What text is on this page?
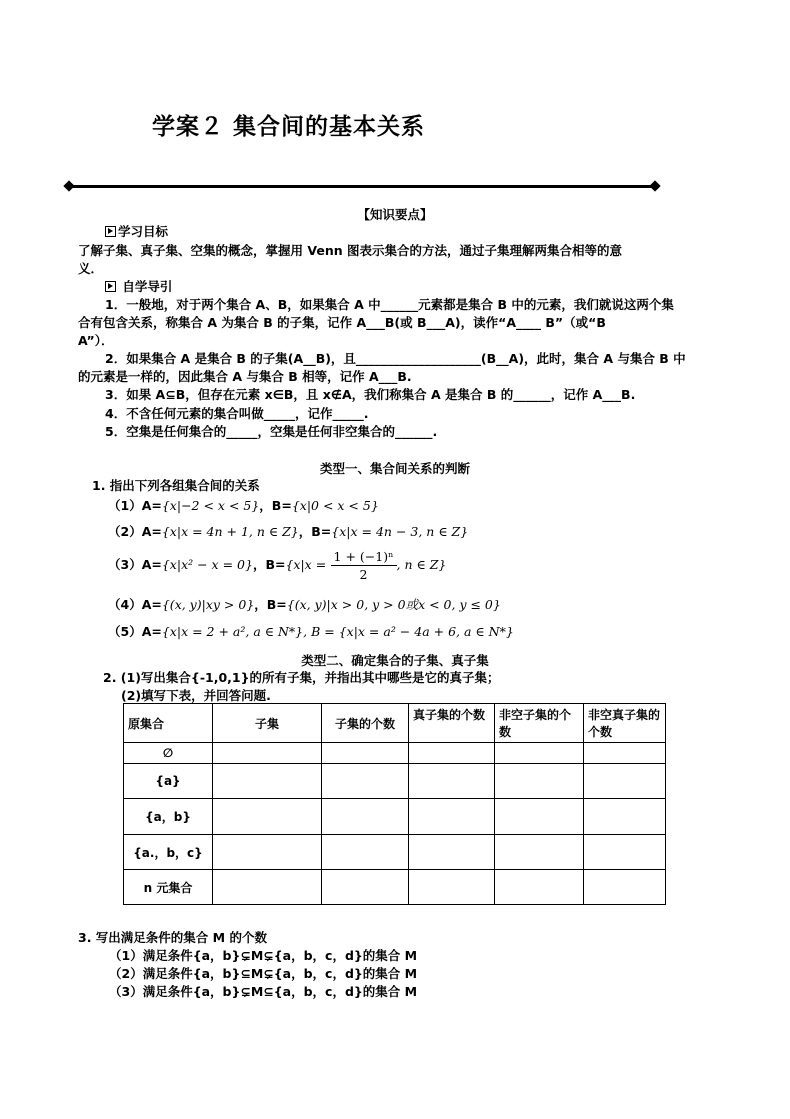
学案２ 集合间的基本关系
【知识要点】
学习目标
了解子集、真子集、空集的概念，掌握用 Venn 图表示集合的方法，通过子集理解两集合相等的意
义．
自学导引
1．一般地，对于两个集合 A、B，如果集合 A 中______元素都是集合 B 中的元素，我们就说这两个集
合有包含关系，称集合 A 为集合 B 的子集，记作 A___B(或 B___A)，读作“A____ B”（或“B
A”）．
2．如果集合 A 是集合 B 的子集(A__B)，且____________________(B__A)，此时，集合 A 与集合 B 中
的元素是一样的，因此集合 A 与集合 B 相等，记作 A___B.
3．如果 A⊆B，但存在元素 x∈B，且 x∉A，我们称集合 A 是集合 B 的______，记作 A___B.
4．不含任何元素的集合叫做_____，记作_____.
5．空集是任何集合的_____，空集是任何非空集合的______.
类型一、集合间关系的判断
1. 指出下列各组集合间的关系
（1）A={x|−2 < x < 5}，B={x|0 < x < 5}
（2）A={x|x = 4n + 1, n ∈ Z}，B={x|x = 4n − 3, n ∈ Z}
（3）A={x|x² − x = 0}，$B=\{x|x = \frac{\text{1 + (−1)ⁿ}}{2}$ , n ∈ Z}
（4）A={(x, y)|xy > 0}，B={(x, y)|x > 0, y > 0或x < 0, y ≤ 0}
（5）A={x|x = 2 + a², a ∈ N*}, B = {x|x = a² − 4a + 6, a ∈ N*}
类型二、确定集合的子集、真子集
2. (1)写出集合{-1,0,1}的所有子集，并指出其中哪些是它的真子集；
(2)填写下表，并回答问题.
原集合	子集	子集的个数	真子集的个数	非空子集的个数	非空真子集的个数
∅					
{a}					
{a，b}					
{a.，b，c}					
n 元集合					
3. 写出满足条件的集合 M 的个数
（1）满足条件{a，b}⊊M⊊{a，b，c，d}的集合 M
（2）满足条件{a，b}⊆M⊊{a，b，c，d}的集合 M
（3）满足条件{a，b}⊊M⊆{a，b，c，d}的集合 M
